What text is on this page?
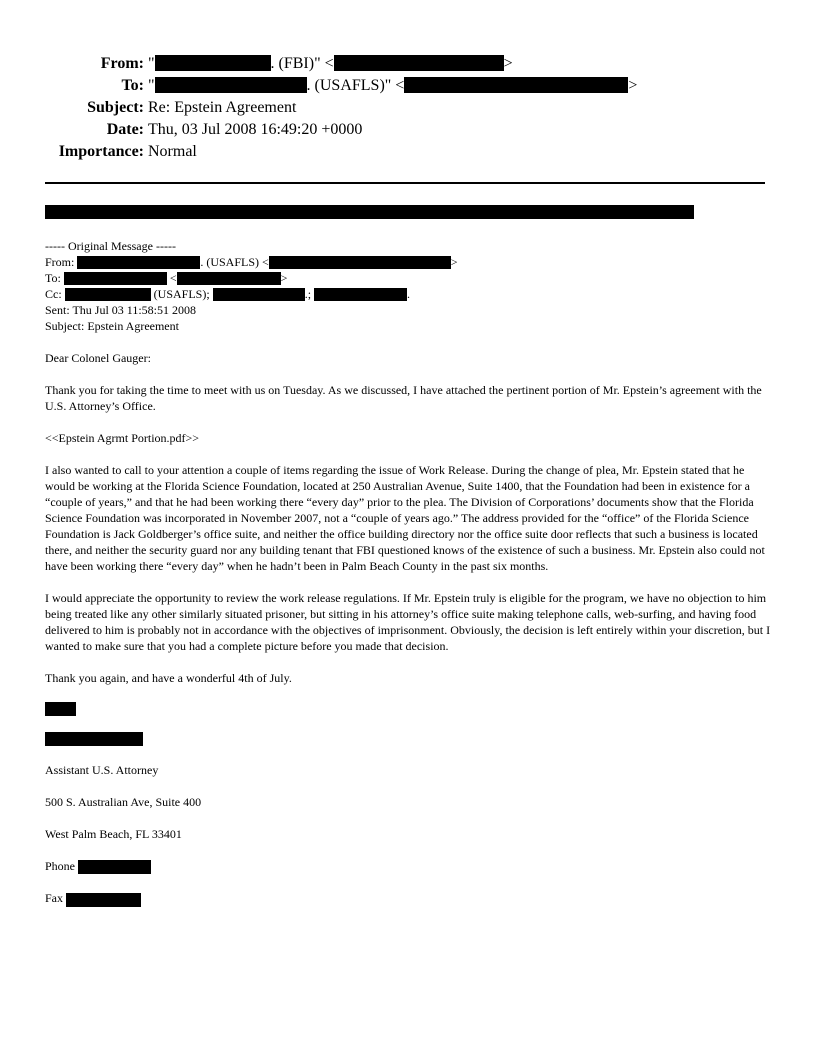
From: "	. (FBI)" <	>
To: "	. (USAFLS)" <	>
Subject: Re: Epstein Agreement
Date: Thu, 03 Jul 2008 16:49:20 +0000
Importance: Normal
----- Original Message -----
From:	. (USAFLS) <	>
To:	<	>
Cc:	(USAFLS);	.;	.
Sent: Thu Jul 03 11:58:51 2008
Subject: Epstein Agreement

Dear Colonel Gauger:

Thank you for taking the time to meet with us on Tuesday. As we discussed, I have attached the pertinent portion of Mr. Epstein’s agreement with the U.S. Attorney’s Office.

<<Epstein Agrmt Portion.pdf>>

I also wanted to call to your attention a couple of items regarding the issue of Work Release. During the change of plea, Mr. Epstein stated that he would be working at the Florida Science Foundation, located at 250 Australian Avenue, Suite 1400, that the Foundation had been in existence for a “couple of years,” and that he had been working there “every day” prior to the plea. The Division of Corporations’ documents show that the Florida Science Foundation was incorporated in November 2007, not a “couple of years ago.” The address provided for the “office” of the Florida Science Foundation is Jack Goldberger’s office suite, and neither the office building directory nor the office suite door reflects that such a business is located there, and neither the security guard nor any building tenant that FBI questioned knows of the existence of such a business. Mr. Epstein also could not have been working there “every day” when he hadn’t been in Palm Beach County in the past six months.

I would appreciate the opportunity to review the work release regulations. If Mr. Epstein truly is eligible for the program, we have no objection to him being treated like any other similarly situated prisoner, but sitting in his attorney’s office suite making telephone calls, web-surfing, and having food delivered to him is probably not in accordance with the objectives of imprisonment. Obviously, the decision is left entirely within your discretion, but I wanted to make sure that you had a complete picture before you made that decision.

Thank you again, and have a wonderful 4th of July.

Assistant U.S. Attorney

500 S. Australian Ave, Suite 400

West Palm Beach, FL 33401

Phone

Fax
